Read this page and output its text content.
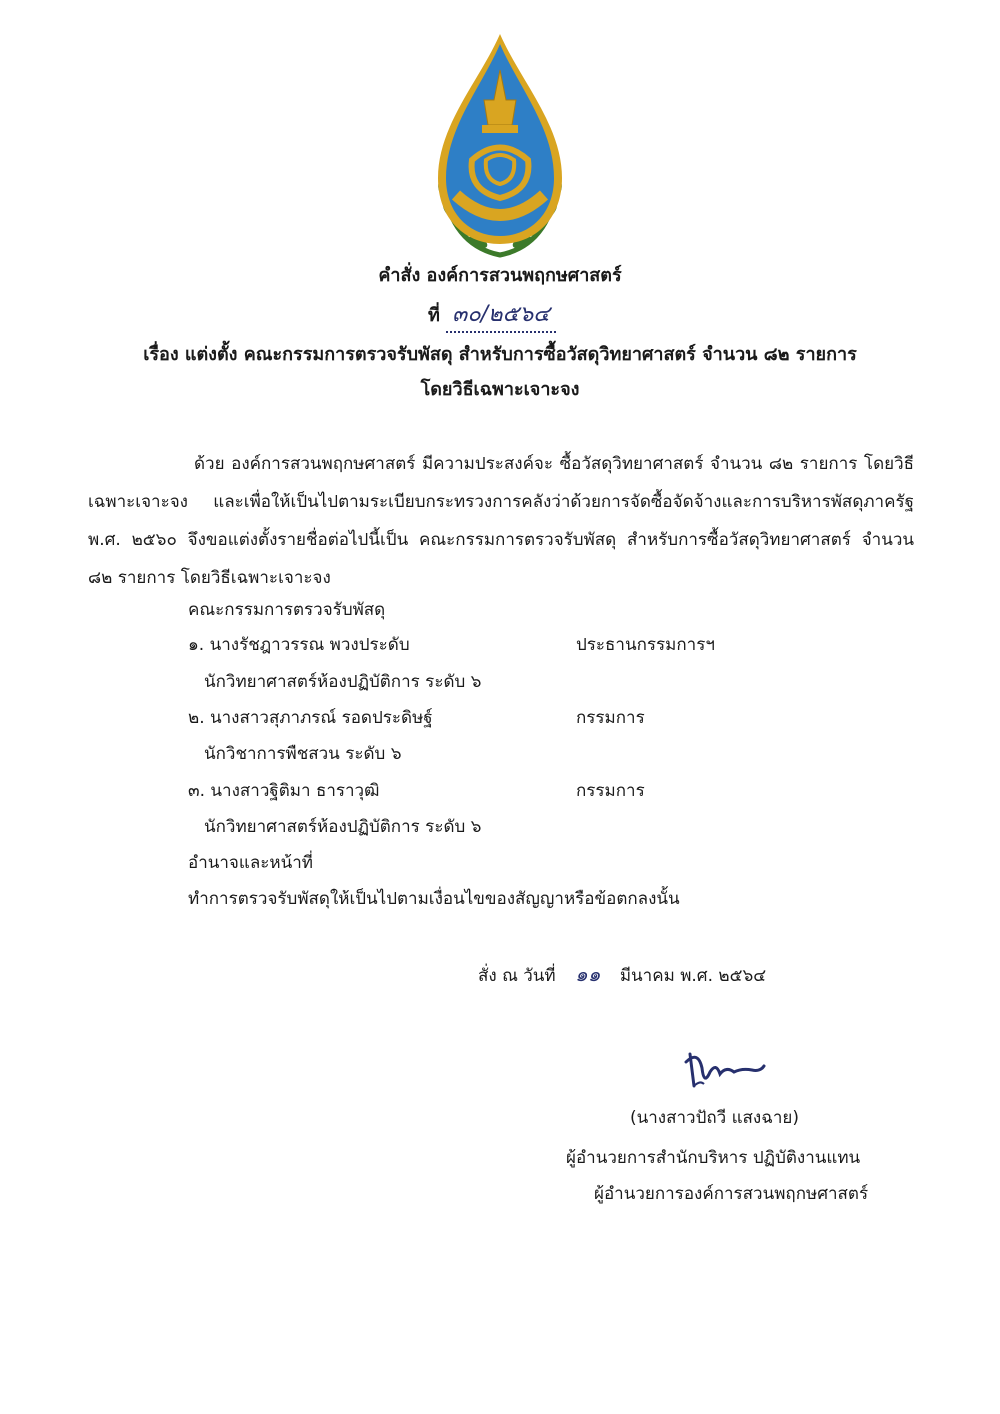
คำสั่ง องค์การสวนพฤกษศาสตร์
ที่ ๓๐/๒๕๖๔
เรื่อง แต่งตั้ง คณะกรรมการตรวจรับพัสดุ สำหรับการซื้อวัสดุวิทยาศาสตร์ จำนวน ๘๒ รายการ
โดยวิธีเฉพาะเจาะจง
ด้วย องค์การสวนพฤกษศาสตร์ มีความประสงค์จะ ซื้อวัสดุวิทยาศาสตร์ จำนวน ๘๒ รายการ โดยวิธีเฉพาะเจาะจง และเพื่อให้เป็นไปตามระเบียบกระทรวงการคลังว่าด้วยการจัดซื้อจัดจ้างและการบริหารพัสดุภาครัฐ พ.ศ. ๒๕๖๐ จึงขอแต่งตั้งรายชื่อต่อไปนี้เป็น คณะกรรมการตรวจรับพัสดุ สำหรับการซื้อวัสดุวิทยาศาสตร์ จำนวน ๘๒ รายการ โดยวิธีเฉพาะเจาะจง
คณะกรรมการตรวจรับพัสดุ
๑. นางรัชฎาวรรณ พวงประดับ	ประธานกรรมการฯ
นักวิทยาศาสตร์ห้องปฏิบัติการ ระดับ ๖
๒. นางสาวสุภาภรณ์ รอดประดิษฐ์	กรรมการ
นักวิชาการพืชสวน ระดับ ๖
๓. นางสาวฐิติมา ธาราวุฒิ	กรรมการ
นักวิทยาศาสตร์ห้องปฏิบัติการ ระดับ ๖
อำนาจและหน้าที่
ทำการตรวจรับพัสดุให้เป็นไปตามเงื่อนไขของสัญญาหรือข้อตกลงนั้น
สั่ง ณ วันที่ ๑๑ มีนาคม พ.ศ. ๒๕๖๔
(นางสาวปัถวี แสงฉาย)
ผู้อำนวยการสำนักบริหาร ปฏิบัติงานแทน
ผู้อำนวยการองค์การสวนพฤกษศาสตร์
